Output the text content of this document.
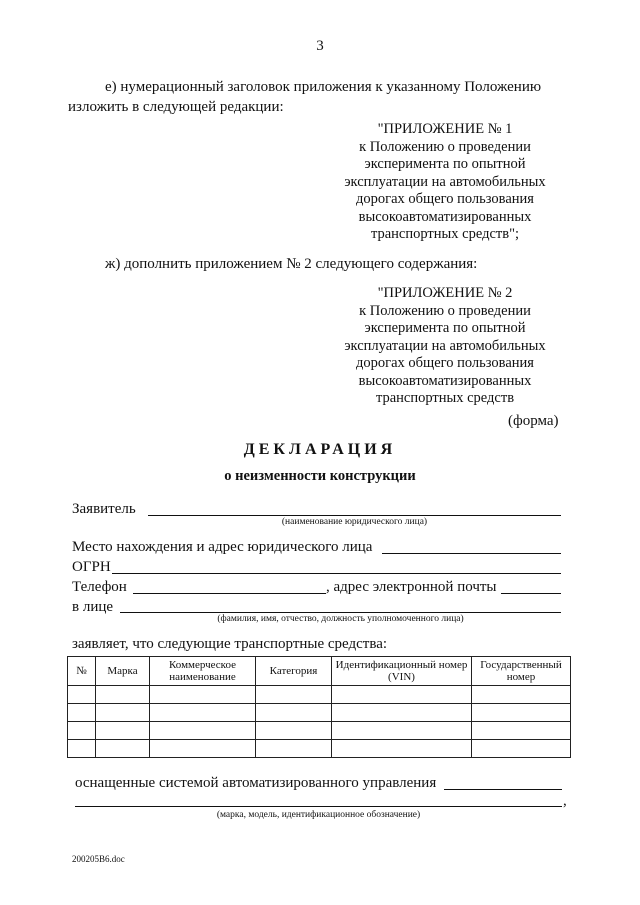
3
е) нумерационный заголовок приложения к указанному Положению
изложить в следующей редакции:
"ПРИЛОЖЕНИЕ № 1
к Положению о проведении
эксперимента по опытной
эксплуатации на автомобильных
дорогах общего пользования
высокоавтоматизированных
транспортных средств";
ж) дополнить приложением № 2 следующего содержания:
"ПРИЛОЖЕНИЕ № 2
к Положению о проведении
эксперимента по опытной
эксплуатации на автомобильных
дорогах общего пользования
высокоавтоматизированных
транспортных средств
(форма)
ДЕКЛАРАЦИЯ
о неизменности конструкции
Заявитель
(наименование юридического лица)
Место нахождения и адрес юридического лица
ОГРН
Телефон	, адрес электронной почты
в лице
(фамилия, имя, отчество, должность уполномоченного лица)
заявляет, что следующие транспортные средства:
№	Марка	Коммерческое наименование	Категория	Идентификационный номер (VIN)	Государственный номер

оснащенные системой автоматизированного управления
,
(марка, модель, идентификационное обозначение)
200205B6.doc
